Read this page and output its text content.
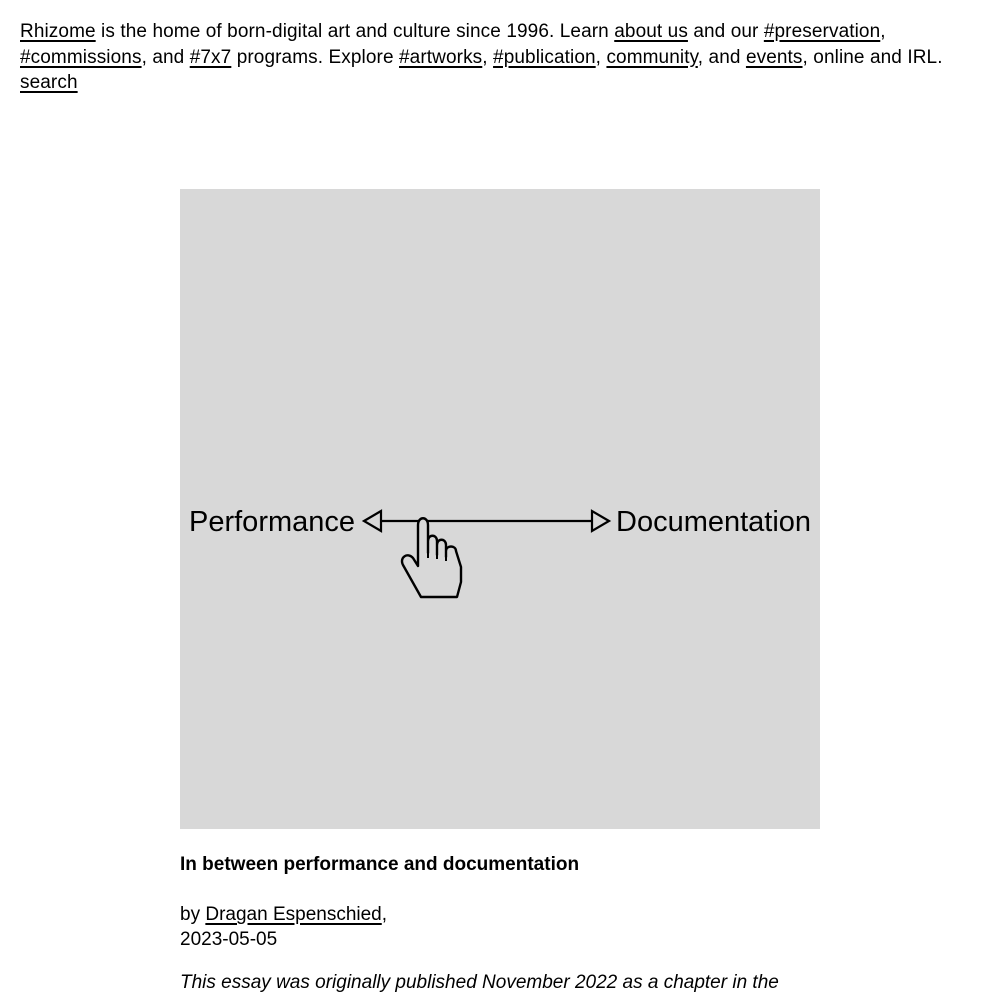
Rhizome is the home of born-digital art and culture since 1996. Learn about us and our #preservation, #commissions, and #7x7 programs. Explore #artworks, #publication, community, and events, online and IRL. search
Performance	Documentation
In between performance and documentation
by Dragan Espenschied,
2023-05-05
This essay was originally published November 2022 as a chapter in the
